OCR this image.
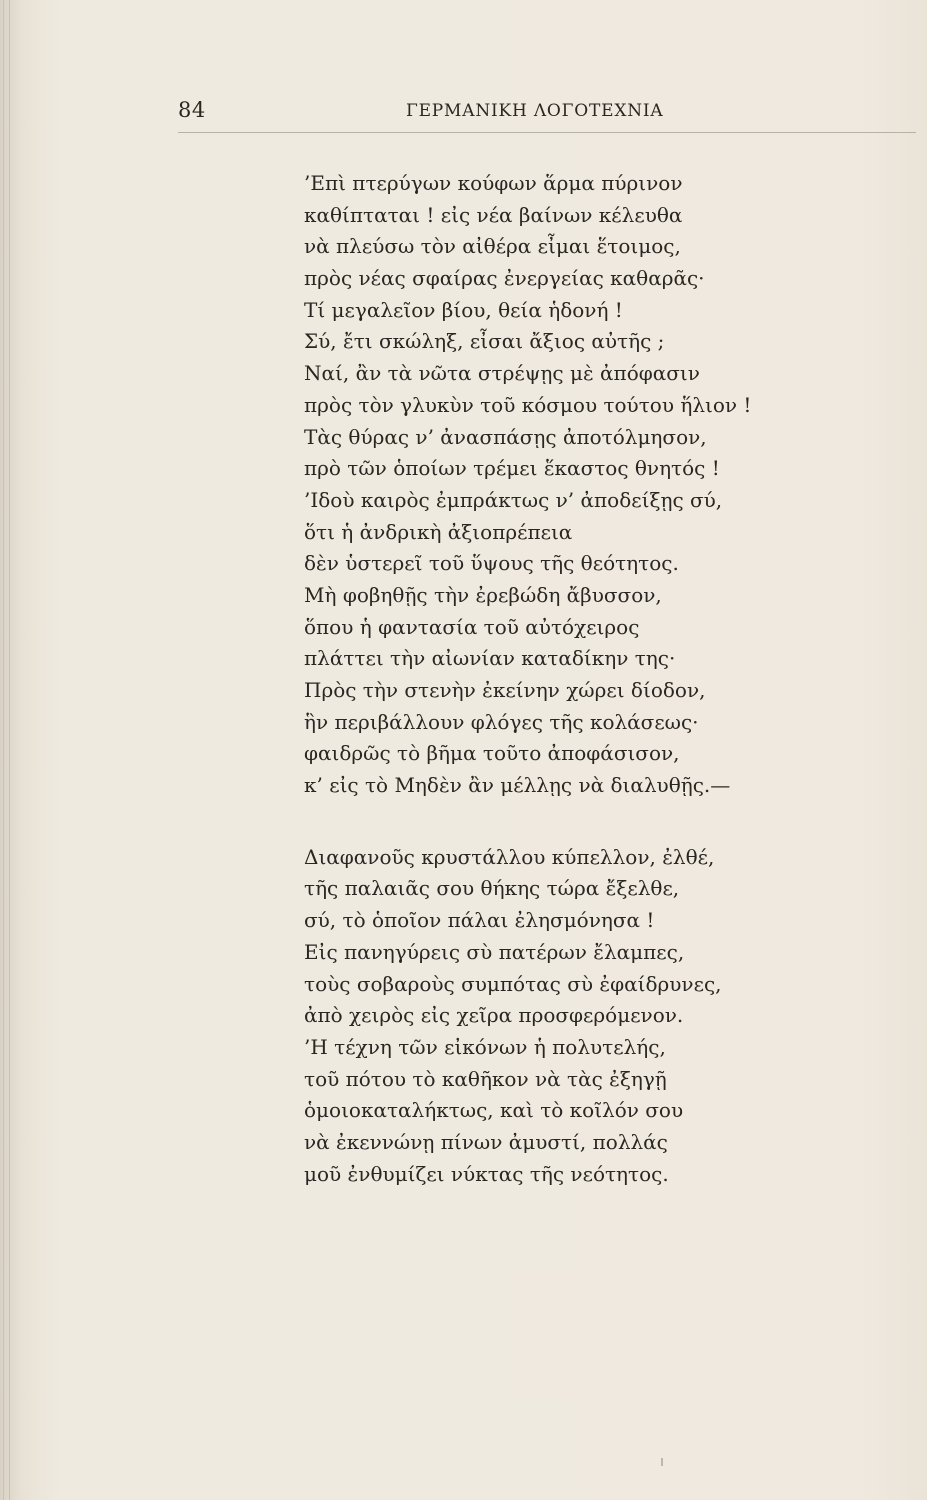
84	ΓΕΡΜΑΝΙΚΗ ΛΟΓΟΤΕΧΝΙΑ
’Επὶ πτερύγων κούφων ἅρμα πύρινον
καθίπταται ! εἰς νέα βαίνων κέλευθα
νὰ πλεύσω τὸν αἰθέρα εἶμαι ἕτοιμος,
πρὸς νέας σφαίρας ἐνεργείας καθαρᾶς·
Τί μεγαλεῖον βίου, θεία ἡδονή !
Σύ, ἔτι σκώληξ, εἶσαι ἄξιος αὐτῆς ;
Ναί, ἂν τὰ νῶτα στρέψῃς μὲ ἀπόφασιν
πρὸς τὸν γλυκὺν τοῦ κόσμου τούτου ἥλιον !
Τὰς θύρας ν’ ἀνασπάσῃς ἀποτόλμησον,
πρὸ τῶν ὁποίων τρέμει ἕκαστος θνητός !
’Ιδοὺ καιρὸς ἐμπράκτως ν’ ἀποδείξῃς σύ,
ὅτι ἡ ἀνδρικὴ ἀξιοπρέπεια
δὲν ὑστερεῖ τοῦ ὕψους τῆς θεότητος.
Μὴ φοβηθῇς τὴν ἐρεβώδη ἄβυσσον,
ὅπου ἡ φαντασία τοῦ αὐτόχειρος
πλάττει τὴν αἰωνίαν καταδίκην της·
Πρὸς τὴν στενὴν ἐκείνην χώρει δίοδον,
ἣν περιβάλλουν φλόγες τῆς κολάσεως·
φαιδρῶς τὸ βῆμα τοῦτο ἀποφάσισον,
κ’ εἰς τὸ Μηδὲν ἂν μέλλῃς νὰ διαλυθῇς.—
Διαφανοῦς κρυστάλλου κύπελλον, ἐλθέ,
τῆς παλαιᾶς σου θήκης τώρα ἔξελθε,
σύ, τὸ ὁποῖον πάλαι ἐλησμόνησα !
Εἰς πανηγύρεις σὺ πατέρων ἔλαμπες,
τοὺς σοβαροὺς συμπότας σὺ ἐφαίδρυνες,
ἀπὸ χειρὸς εἰς χεῖρα προσφερόμενον.
’Η τέχνη τῶν εἰκόνων ἡ πολυτελής,
τοῦ πότου τὸ καθῆκον νὰ τὰς ἐξηγῇ
ὁμοιοκαταλήκτως, καὶ τὸ κοῖλόν σου
νὰ ἐκεννώνῃ πίνων ἀμυστί, πολλάς
μοῦ ἐνθυμίζει νύκτας τῆς νεότητος.
